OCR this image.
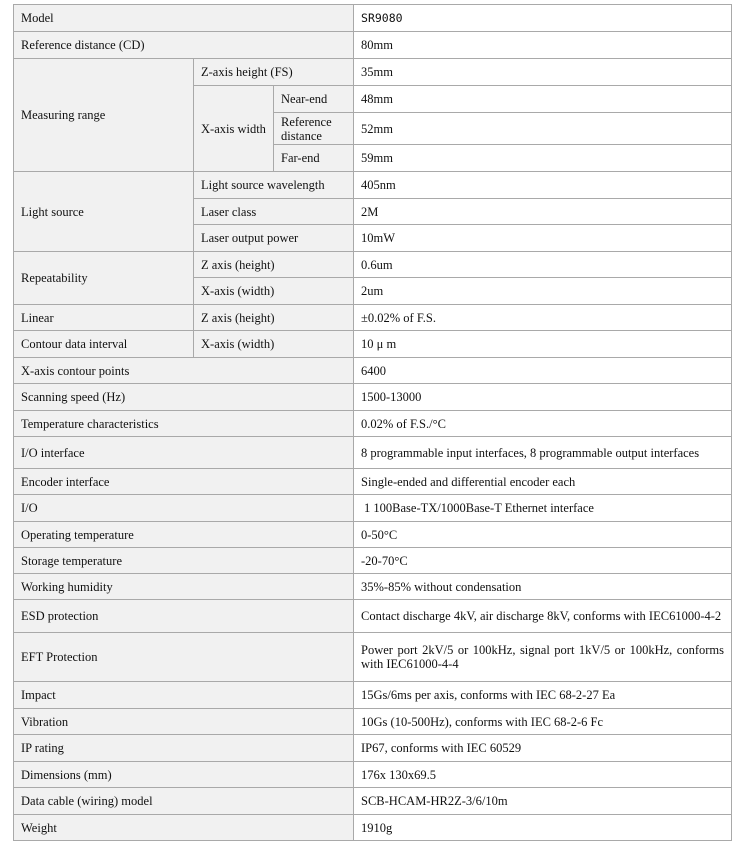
Model			SR9080
Reference distance (CD)			80mm
Measuring range	Z-axis height (FS)		35mm
	X-axis width	Near-end	48mm
		Reference distance	52mm
		Far-end	59mm

Light source	Light source wavelength		405nm
	Laser class		2M
	Laser output power		10mW
Repeatability	Z axis (height)		0.6um
	X-axis (width)		2um
Linear	Z axis (height)		±0.02% of F.S.
Contour data interval	X-axis (width)		10 μ m
X-axis contour points			6400
Scanning speed (Hz)			1500-13000
Temperature characteristics			0.02% of F.S./°C
I/O interface			8 programmable input interfaces, 8 programmable output interfaces
Encoder interface			Single-ended and differential encoder each
I/O			1 100Base-TX/1000Base-T Ethernet interface
Operating temperature			0-50°C
Storage temperature			-20-70°C
Working humidity			35%-85% without condensation
ESD protection			Contact discharge 4kV, air discharge 8kV, conforms with IEC61000-4-2
EFT Protection			Power port 2kV/5 or 100kHz, signal port 1kV/5 or 100kHz, conforms with IEC61000-4-4
Impact			15Gs/6ms per axis, conforms with IEC 68-2-27 Ea
Vibration			10Gs (10-500Hz), conforms with IEC 68-2-6 Fc
IP rating			IP67, conforms with IEC 60529
Dimensions (mm)			176x 130x69.5
Data cable (wiring) model			SCB-HCAM-HR2Z-3/6/10m
Weight			1910g
